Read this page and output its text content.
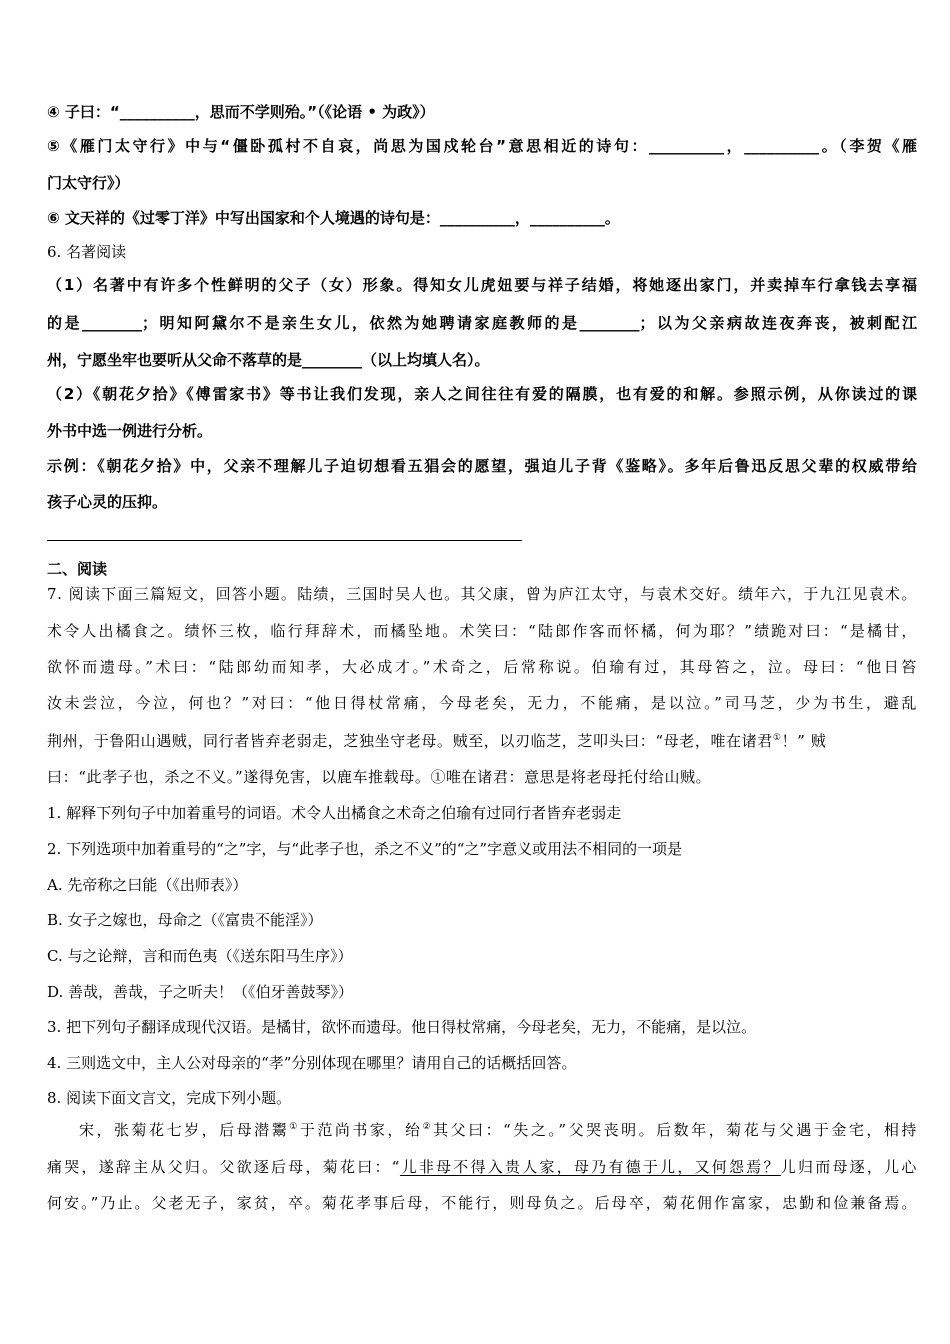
④ 子曰：“__________，思而不学则殆。”（《论语 • 为政》）
⑤《雁门太守行》中与“僵卧孤村不自哀，尚思为国戍轮台”意思相近的诗句：__________，__________。（李贺《雁
门太守行》）
⑥ 文天祥的《过零丁洋》中写出国家和个人境遇的诗句是：__________，__________。
6. 名著阅读
（1）名著中有许多个性鲜明的父子（女）形象。得知女儿虎妞要与祥子结婚，将她逐出家门，并卖掉车行拿钱去享福
的是________；明知阿黛尔不是亲生女儿，依然为她聘请家庭教师的是________；以为父亲病故连夜奔丧，被刺配江
州，宁愿坐牢也要听从父命不落草的是________（以上均填人名）。
（2）《朝花夕拾》《傅雷家书》等书让我们发现，亲人之间往往有爱的隔膜，也有爱的和解。参照示例，从你读过的课
外书中选一例进行分析。
示例：《朝花夕拾》中，父亲不理解儿子迫切想看五猖会的愿望，强迫儿子背《鉴略》。多年后鲁迅反思父辈的权威带给
孩子心灵的压抑。
二、阅读
7. 阅读下面三篇短文，回答小题。陆绩，三国时吴人也。其父康，曾为庐江太守，与袁术交好。绩年六，于九江见袁术。
术令人出橘食之。绩怀三枚，临行拜辞术，而橘坠地。术笑曰：“陆郎作客而怀橘，何为耶？”绩跪对曰：“是橘甘，
欲怀而遗母。”术曰：“陆郎幼而知孝，大必成才。”术奇之，后常称说。伯瑜有过，其母笞之，泣。母曰：“他日笞
汝未尝泣，今泣，何也？”对曰：“他日得杖常痛，今母老矣，无力，不能痛，是以泣。”司马芝，少为书生，避乱
荆州，于鲁阳山遇贼，同行者皆弃老弱走，芝独坐守老母。贼至，以刃临芝，芝叩头曰：“母老，唯在诸君①！” 贼
曰：“此孝子也，杀之不义。”遂得免害，以鹿车推载母。①唯在诸君：意思是将老母托付给山贼。
1. 解释下列句子中加着重号的词语。术令人出橘食之术奇之伯瑜有过同行者皆弃老弱走
2. 下列选项中加着重号的“之”字，与“此孝子也，杀之不义”的“之”字意义或用法不相同的一项是
A. 先帝称之曰能（《出师表》）
B. 女子之嫁也，母命之（《富贵不能淫》）
C. 与之论辩，言和而色夷（《送东阳马生序》）
D. 善哉，善哉，子之听夫！（《伯牙善鼓琴》）
3. 把下列句子翻译成现代汉语。是橘甘，欲怀而遗母。他日得杖常痛，今母老矣，无力，不能痛，是以泣。
4. 三则选文中，主人公对母亲的“孝”分别体现在哪里？请用自己的话概括回答。
8. 阅读下面文言文，完成下列小题。
宋，张菊花七岁，后母潜鬻①于范尚书家，绐②其父曰：“失之。”父哭丧明。后数年，菊花与父遇于金宅，相持
痛哭，遂辞主从父归。父欲逐后母，菊花曰：“儿非母不得入贵人家，母乃有德于儿，又何怨焉？儿归而母逐，儿心
何安。”乃止。父老无子，家贫，卒。菊花孝事后母，不能行，则母负之。后母卒，菊花佣作富家，忠勤和俭兼备焉。
